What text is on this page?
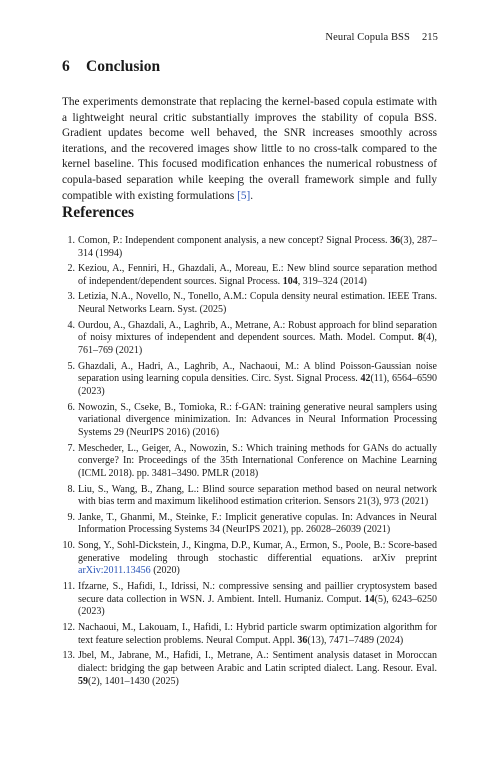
Neural Copula BSS 215
6 Conclusion

The experiments demonstrate that replacing the kernel-based copula estimate with a lightweight neural critic substantially improves the stability of copula BSS. Gradient updates become well behaved, the SNR increases smoothly across iterations, and the recovered images show little to no cross-talk compared to the kernel baseline. This focused modification enhances the numerical robustness of copula-based separation while keeping the overall framework simple and fully compatible with existing formulations [5].

References
1. Comon, P.: Independent component analysis, a new concept? Signal Process. 36(3), 287–314 (1994)
2. Keziou, A., Fenniri, H., Ghazdali, A., Moreau, E.: New blind source separation method of independent/dependent sources. Signal Process. 104, 319–324 (2014)
3. Letizia, N.A., Novello, N., Tonello, A.M.: Copula density neural estimation. IEEE Trans. Neural Networks Learn. Syst. (2025)
4. Ourdou, A., Ghazdali, A., Laghrib, A., Metrane, A.: Robust approach for blind separation of noisy mixtures of independent and dependent sources. Math. Model. Comput. 8(4), 761–769 (2021)
5. Ghazdali, A., Hadri, A., Laghrib, A., Nachaoui, M.: A blind Poisson-Gaussian noise separation using learning copula densities. Circ. Syst. Signal Process. 42(11), 6564–6590 (2023)
6. Nowozin, S., Cseke, B., Tomioka, R.: f-GAN: training generative neural samplers using variational divergence minimization. In: Advances in Neural Information Processing Systems 29 (NeurIPS 2016) (2016)
7. Mescheder, L., Geiger, A., Nowozin, S.: Which training methods for GANs do actually converge? In: Proceedings of the 35th International Conference on Machine Learning (ICML 2018). pp. 3481–3490. PMLR (2018)
8. Liu, S., Wang, B., Zhang, L.: Blind source separation method based on neural network with bias term and maximum likelihood estimation criterion. Sensors 21(3), 973 (2021)
9. Janke, T., Ghanmi, M., Steinke, F.: Implicit generative copulas. In: Advances in Neural Information Processing Systems 34 (NeurIPS 2021), pp. 26028–26039 (2021)
10. Song, Y., Sohl-Dickstein, J., Kingma, D.P., Kumar, A., Ermon, S., Poole, B.: Score-based generative modeling through stochastic differential equations. arXiv preprint arXiv:2011.13456 (2020)
11. Ifzarne, S., Hafidi, I., Idrissi, N.: compressive sensing and paillier cryptosystem based secure data collection in WSN. J. Ambient. Intell. Humaniz. Comput. 14(5), 6243–6250 (2023)
12. Nachaoui, M., Lakouam, I., Hafidi, I.: Hybrid particle swarm optimization algorithm for text feature selection problems. Neural Comput. Appl. 36(13), 7471–7489 (2024)
13. Jbel, M., Jabrane, M., Hafidi, I., Metrane, A.: Sentiment analysis dataset in Moroccan dialect: bridging the gap between Arabic and Latin scripted dialect. Lang. Resour. Eval. 59(2), 1401–1430 (2025)
